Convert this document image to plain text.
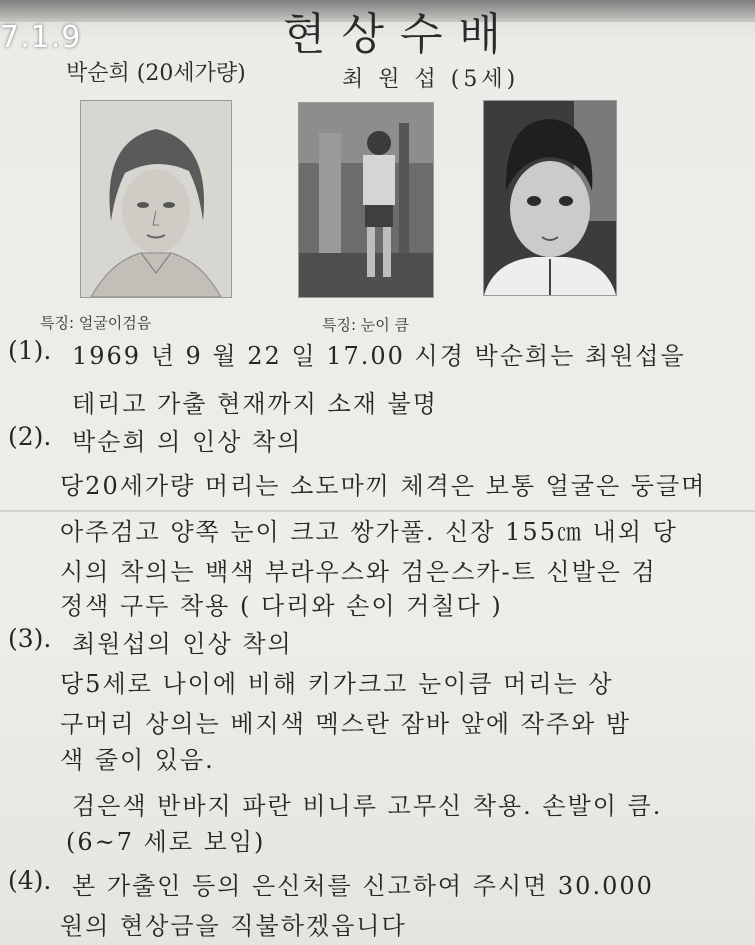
7.1.9	현상수배
박순희 (20세가량)	최 원 섭 (5세)
특징: 얼굴이검음	특징: 눈이 큼
(1). 1969 년 9 월 22 일 17.00 시경 박순희는 최원섭을
테리고 가출 현재까지 소재 불명
(2). 박순희 의 인상 착의
당20세가량 머리는 소도마끼 체격은 보통 얼굴은 둥글며
아주검고 양쪽 눈이 크고 쌍가풀. 신장 155㎝ 내외 당
시의 착의는 백색 부라우스와 검은스카-트 신발은 검
정색 구두 착용 ( 다리와 손이 거칠다 )
(3). 최원섭의 인상 착의
당5세로 나이에 비해 키가크고 눈이큼 머리는 상
구머리 상의는 베지색 멕스란 잠바 앞에 작주와 밤
색 줄이 있음.
검은색 반바지 파란 비니루 고무신 착용. 손발이 큼.
(6~7 세로 보임)
(4). 본 가출인 등의 은신처를 신고하여 주시면 30.000
원의 현상금을 직불하겠읍니다
